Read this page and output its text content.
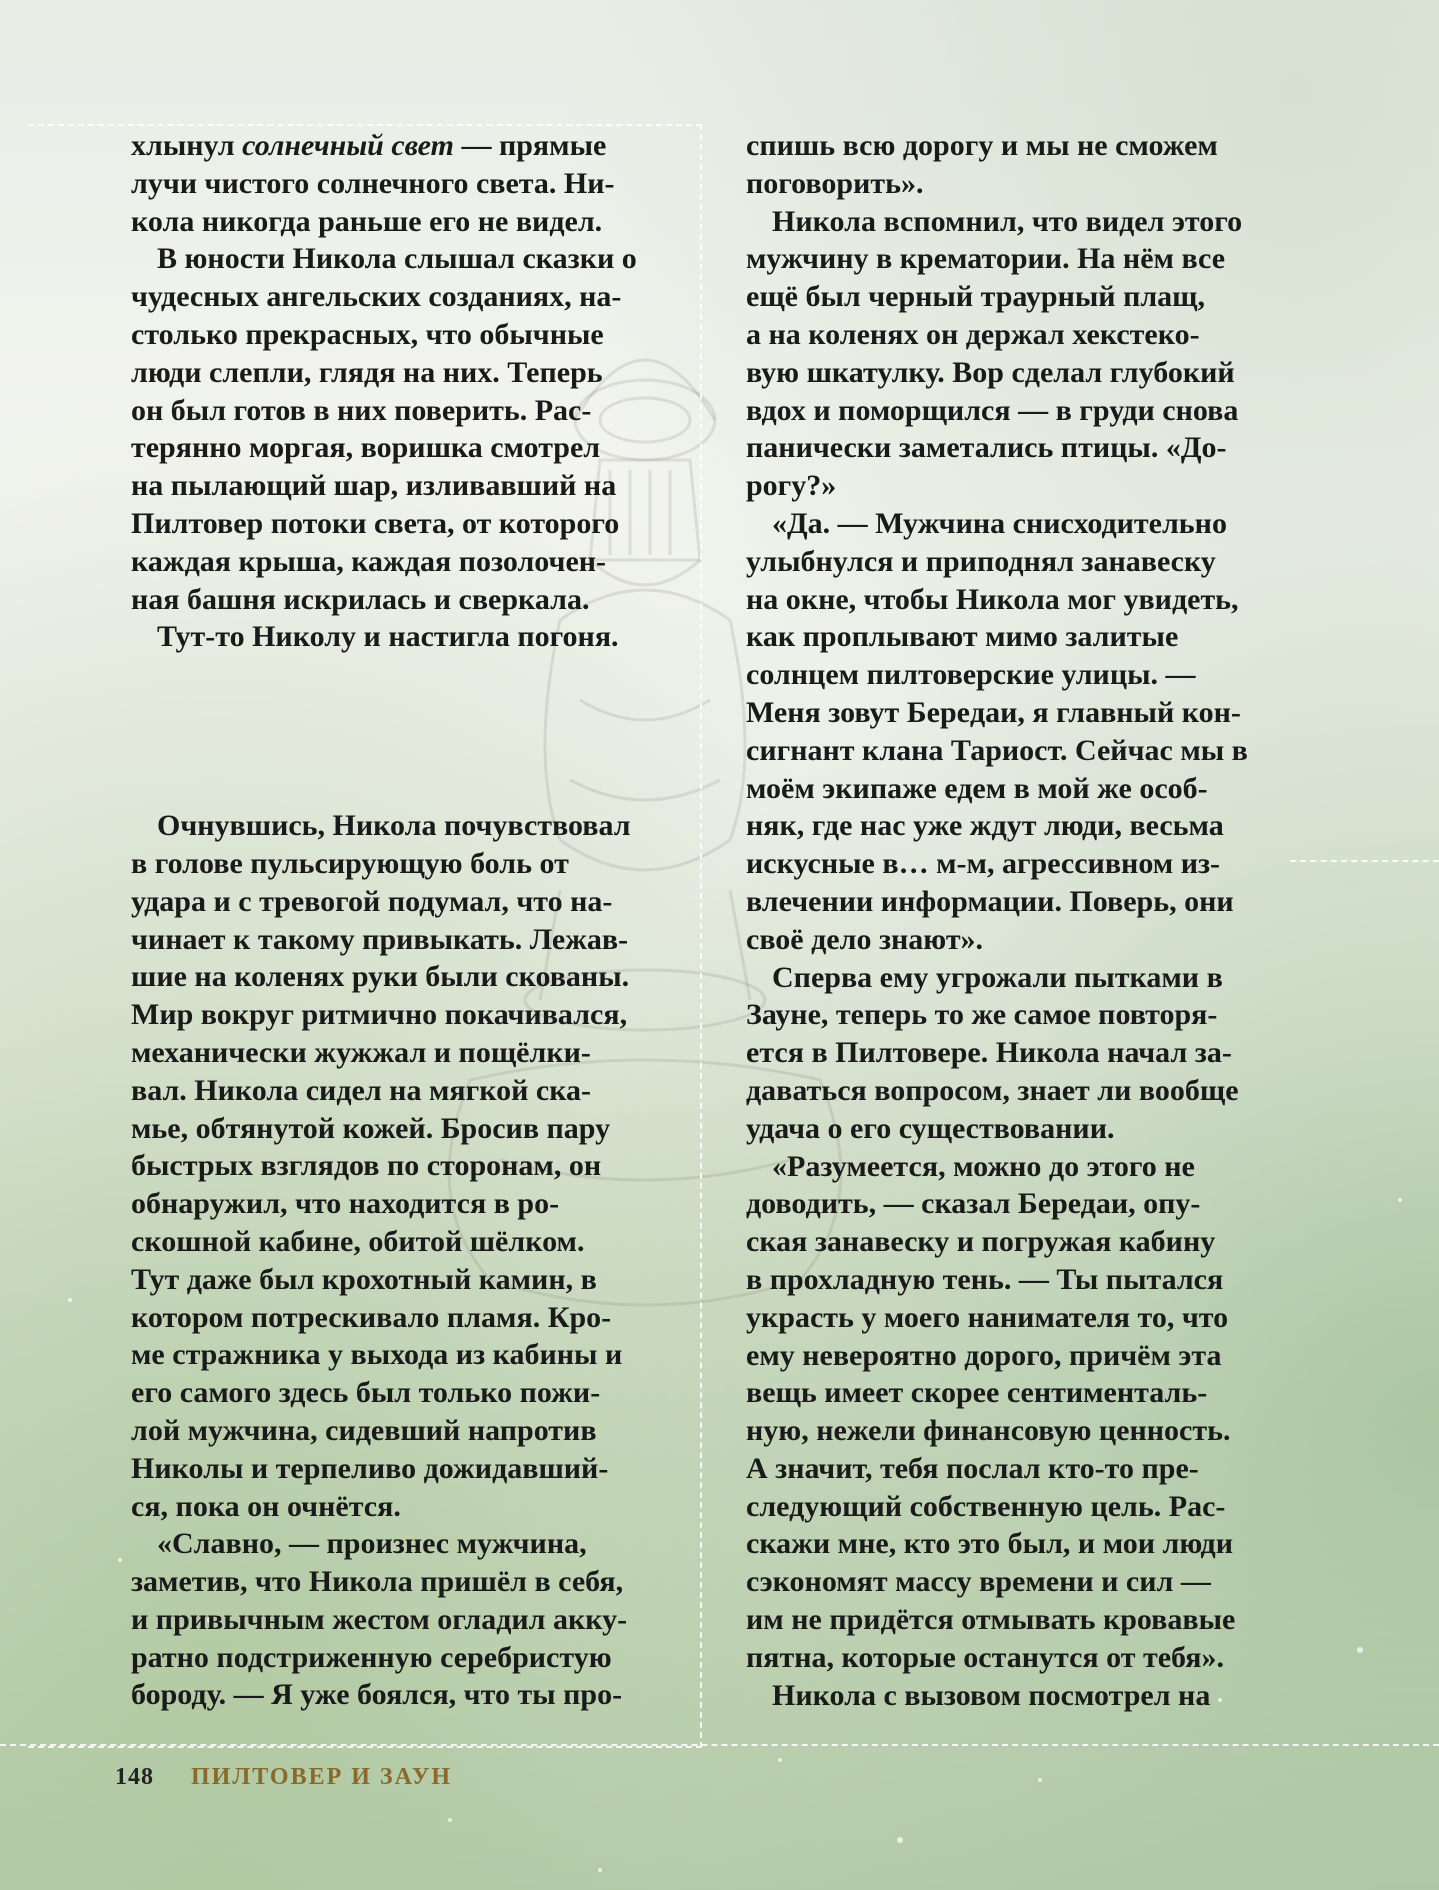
хлынул солнечный свет — прямые

лучи чистого солнечного света. Ни-

кола никогда раньше его не видел.

В юности Никола слышал сказки о

чудесных ангельских созданиях, на-

столько прекрасных, что обычные

люди слепли, глядя на них. Теперь

он был готов в них поверить. Рас-

терянно моргая, воришка смотрел

на пылающий шар, изливавший на

Пилтовер потоки света, от которого

каждая крыша, каждая позолочен-

ная башня искрилась и сверкала.

Тут-то Николу и настигла погоня.

Очнувшись, Никола почувствовал

в голове пульсирующую боль от

удара и с тревогой подумал, что на-

чинает к такому привыкать. Лежав-

шие на коленях руки были скованы.

Мир вокруг ритмично покачивался,

механически жужжал и пощёлки-

вал. Никола сидел на мягкой ска-

мье, обтянутой кожей. Бросив пару

быстрых взглядов по сторонам, он

обнаружил, что находится в ро-

скошной кабине, обитой шёлком.

Тут даже был крохотный камин, в

котором потрескивало пламя. Кро-

ме стражника у выхода из кабины и

его самого здесь был только пожи-

лой мужчина, сидевший напротив

Николы и терпеливо дожидавший-

ся, пока он очнётся.

«Славно, — произнес мужчина,

заметив, что Никола пришёл в себя,

и привычным жестом огладил акку-

ратно подстриженную серебристую

бороду. — Я уже боялся, что ты про-

спишь всю дорогу и мы не сможем

поговорить».

Никола вспомнил, что видел этого

мужчину в крематории. На нём все

ещё был черный траурный плащ,

а на коленях он держал хекстеко-

вую шкатулку. Вор сделал глубокий

вдох и поморщился — в груди снова

панически заметались птицы. «До-

рогу?»

«Да. — Мужчина снисходительно

улыбнулся и приподнял занавеску

на окне, чтобы Никола мог увидеть,

как проплывают мимо залитые

солнцем пилтоверские улицы. —

Меня зовут Берeдаи, я главный кон-

сигнант клана Тариост. Сейчас мы в

моём экипаже едем в мой же особ-

няк, где нас уже ждут люди, весьма

искусные в… м-м, агрессивном из-

влечении информации. Поверь, они

своё дело знают».

Сперва ему угрожали пытками в

Зауне, теперь то же самое повторя-

ется в Пилтовере. Никола начал за-

даваться вопросом, знает ли вообще

удача о его существовании.

«Разумеется, можно до этого не

доводить, — сказал Бередаи, опу-

ская занавеску и погружая кабину

в прохладную тень. — Ты пытался

украсть у моего нанимателя то, что

ему невероятно дорого, причём эта

вещь имеет скорее сентименталь-

ную, нежели финансовую ценность.

А значит, тебя послал кто-то пре-

следующий собственную цель. Рас-

скажи мне, кто это был, и мои люди

сэкономят массу времени и сил —

им не придётся отмывать кровавые

пятна, которые останутся от тебя».

Никола с вызовом посмотрел на

148 ПИЛТОВЕР И ЗАУН
